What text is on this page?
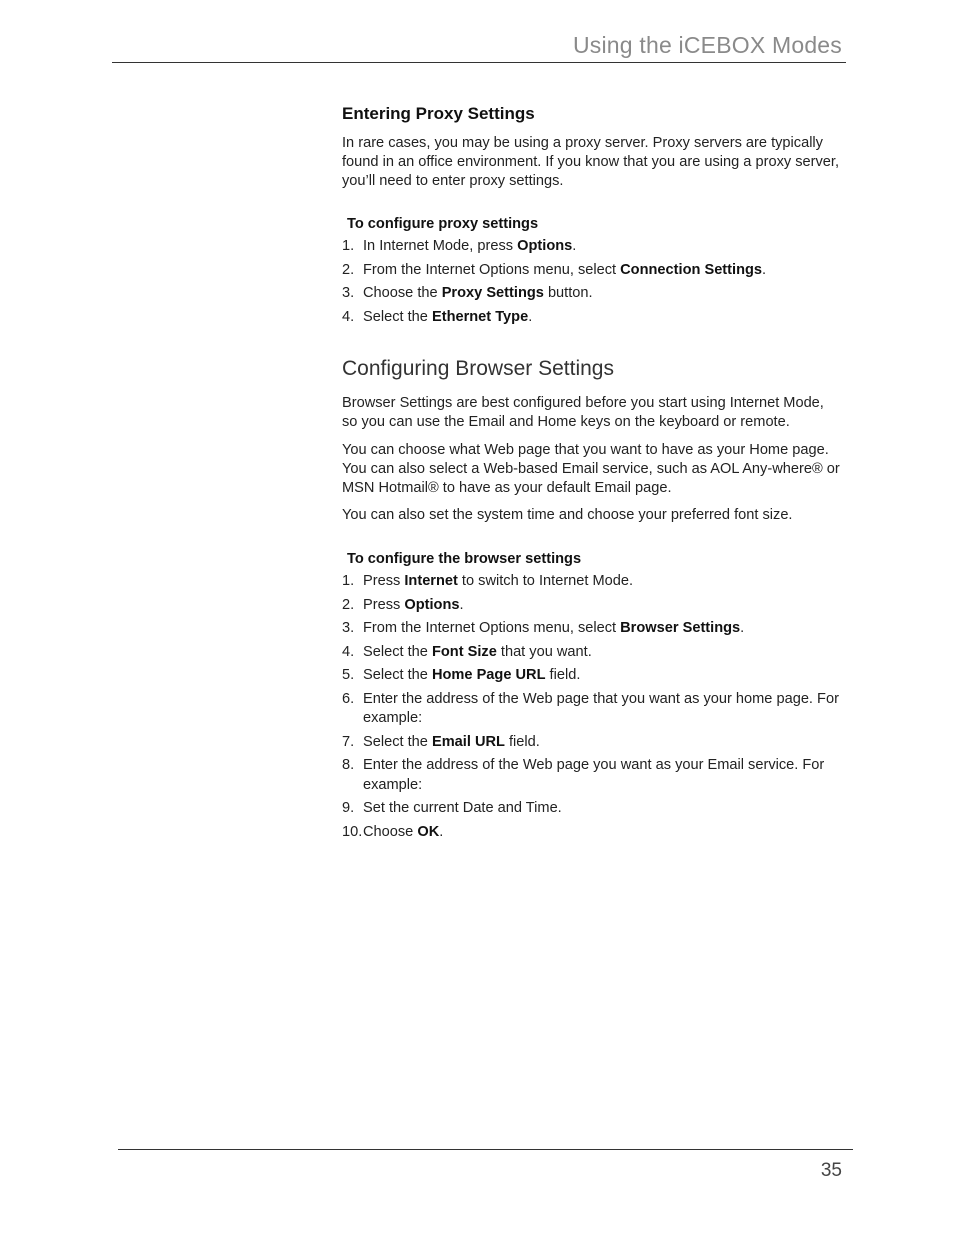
Using the iCEBOX Modes
Entering Proxy Settings

In rare cases, you may be using a proxy server. Proxy servers are typically found in an office environment. If you know that you are using a proxy server, you’ll need to enter proxy settings.

To configure proxy settings
1. In Internet Mode, press Options.
2. From the Internet Options menu, select Connection Settings.
3. Choose the Proxy Settings button.
4. Select the Ethernet Type.
Configuring Browser Settings

Browser Settings are best configured before you start using Internet Mode, so you can use the Email and Home keys on the keyboard or remote.

You can choose what Web page that you want to have as your Home page. You can also select a Web-based Email service, such as AOL Any-where® or MSN Hotmail® to have as your default Email page.

You can also set the system time and choose your preferred font size.

To configure the browser settings
1. Press Internet to switch to Internet Mode.
2. Press Options.
3. From the Internet Options menu, select Browser Settings.
4. Select the Font Size that you want.
5. Select the Home Page URL field.
6. Enter the address of the Web page that you want as your home page. For example:
7. Select the Email URL field.
8. Enter the address of the Web page you want as your Email service. For example:
9. Set the current Date and Time.
10. Choose OK.
35
